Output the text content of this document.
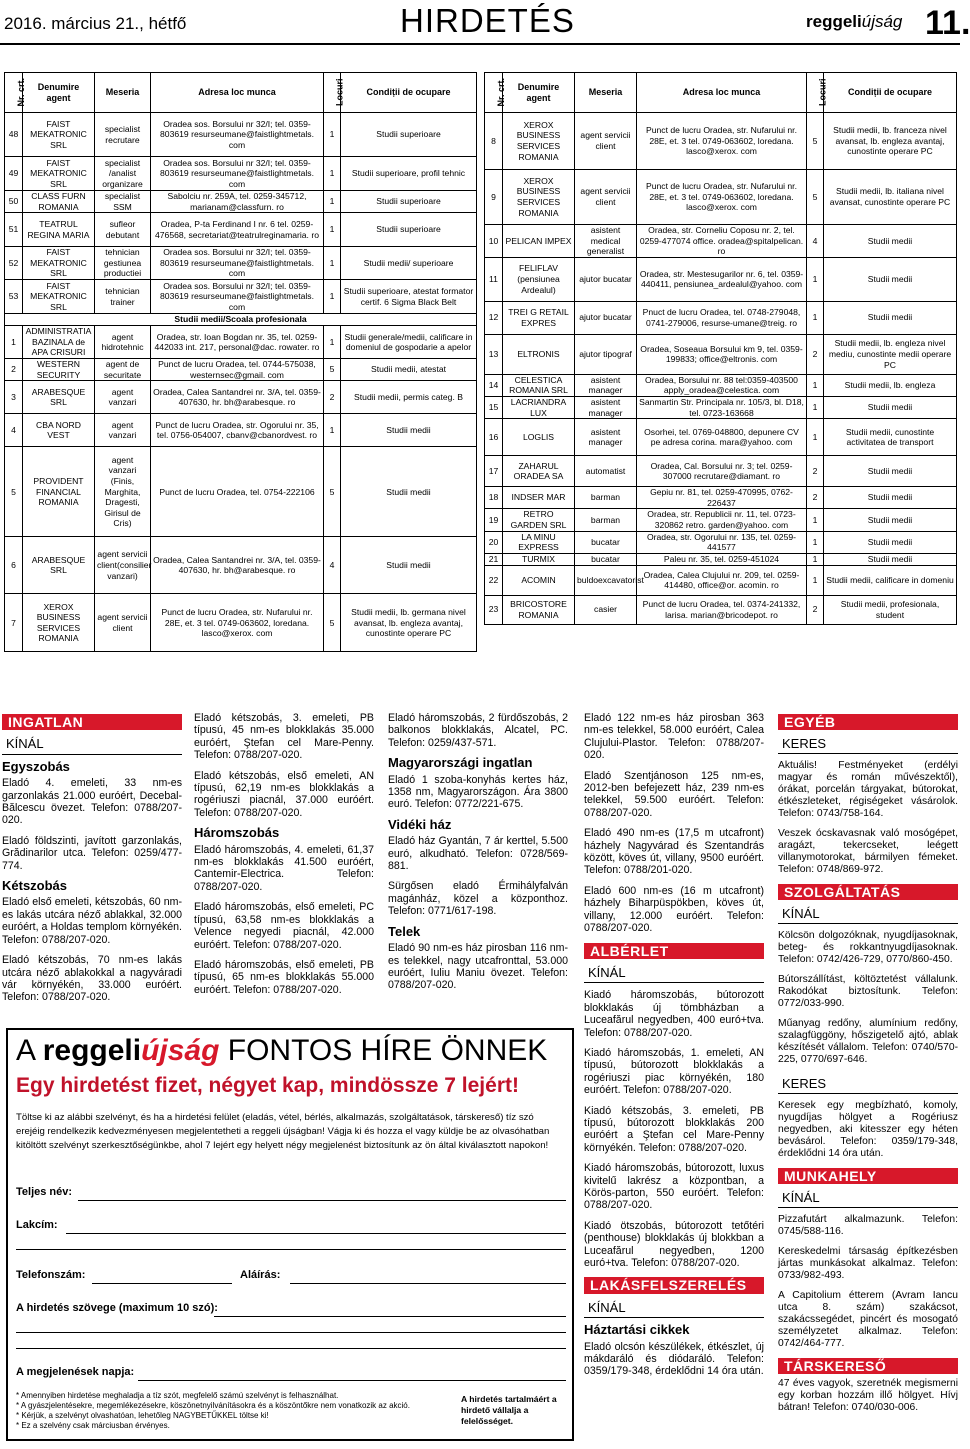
2016. március 21., hétfő	HIRDETÉS	reggeliújság 11.
Nr. crt.	Denumire agent	Meseria	Adresa loc munca	Locuri	Condiții de ocupare
48	FAIST MEKATRONIC SRL	specialist recrutare	Oradea sos. Borsului nr 32/I; tel. 0359-803619 resurseumane@faistlightmetals. com	1	Studii superioare
49	FAIST MEKATRONIC SRL	specialist /analist organizare	Oradea sos. Borsului nr 32/I; tel. 0359-803619 resurseumane@faistlightmetals. com	1	Studii superioare, profil tehnic
50	CLASS FURN ROMANIA	specialist SSM	Sabolciu nr. 259A, tel. 0259-345712, marianam@classfurn. ro	1	Studii superioare
51	TEATRUL REGINA MARIA	sufleor debutant	Oradea, P-ta Ferdinand I nr. 6 tel. 0259-476568, secretariat@teatrulreginamaria. ro	1	Studii superioare
52	FAIST MEKATRONIC SRL	tehnician gestiunea productiei	Oradea sos. Borsului nr 32/I; tel. 0359-803619 resurseumane@faistlightmetals. com	1	Studii medii/ superioare
53	FAIST MEKATRONIC SRL	tehnician trainer	Oradea sos. Borsului nr 32/I; tel. 0359-803619 resurseumane@faistlightmetals. com	1	Studii superioare, atestat formator certif. 6 Sigma Black Belt
Studii medii/Scoala profesionala					
1	ADMINISTRATIA BAZINALA de APA CRISURI	agent hidrotehnic	Oradea, str. Ioan Bogdan nr. 35, tel. 0259-442033 int. 217, personal@dac. rowater. ro	1	Studii generale/medii, calificare in domeniul de gospodarie a apelor
2	WESTERN SECURITY	agent de securitate	Punct de lucru Oradea, tel. 0744-575038, westernsec@gmail. com	5	Studii medii, atestat
3	ARABESQUE SRL	agent vanzari	Oradea, Calea Santandrei nr. 3/A, tel. 0359-407630, hr. bh@arabesque. ro	2	Studii medii, permis categ. B
4	CBA NORD VEST	agent vanzari	Punct de lucru Oradea, str. Ogorului nr. 35, tel. 0756-054007, cbanv@cbanordvest. ro	1	Studii medii
5	PROVIDENT FINANCIAL ROMANIA	agent vanzari (Finis, Marghita, Dragesti, Girisul de Cris)	Punct de lucru Oradea, tel. 0754-222106	5	Studii medii
6	ARABESQUE SRL	agent servicii client(consilier vanzari)	Oradea, Calea Santandrei nr. 3/A, tel. 0359-407630, hr. bh@arabesque. ro	4	Studii medii
7	XEROX BUSINESS SERVICES ROMANIA	agent servicii client	Punct de lucru Oradea, str. Nufarului nr. 28E, et. 3 tel. 0749-063602, loredana. lasco@xerox. com	5	Studii medii, lb. germana nivel avansat, lb. engleza avantaj, cunostinte operare PC
Nr. crt.	Denumire agent	Meseria	Adresa loc munca	Locuri	Condiții de ocupare
8	XEROX BUSINESS SERVICES ROMANIA	agent servicii client	Punct de lucru Oradea, str. Nufarului nr. 28E, et. 3 tel. 0749-063602, loredana. lasco@xerox. com	5	Studii medii, lb. franceza nivel avansat, lb. engleza avantaj, cunostinte operare PC
9	XEROX BUSINESS SERVICES ROMANIA	agent servicii client	Punct de lucru Oradea, str. Nufarului nr. 28E, et. 3 tel. 0749-063602, loredana. lasco@xerox. com	5	Studii medii, lb. italiana nivel avansat, cunostinte operare PC
10	PELICAN IMPEX	asistent medical generalist	Oradea, str. Corneliu Coposu nr. 2, tel. 0259-477074 office. oradea@spitalpelican. ro	4	Studii medii
11	FELIFLAV (pensiunea Ardealul)	ajutor bucatar	Oradea, str. Mestesugarilor nr. 6, tel. 0359-440411, pensiunea_ardealul@yahoo. com	1	Studii medii
12	TREI G RETAIL EXPRES	ajutor bucatar	Pnuct de lucru Oradea, tel. 0748-279048, 0741-279006, resurse-umane@treig. ro	1	Studii medii
13	ELTRONIS	ajutor tipograf	Oradea, Soseaua Borsului km 9, tel. 0359-199833; office@eltronis. com	2	Studii medii, lb. engleza nivel mediu, cunostinte medii operare PC
14	CELESTICA ROMANIA SRL	asistent manager	Oradea, Borsului nr. 88 tel:0359-403500 apply_oradea@celestica. com	1	Studii medii, lb. engleza
15	LACRIANDRA LUX	asistent manager	Sanmartin Str. Principala nr. 105/3, bl. D18, tel. 0723-163668	1	Studii medii
16	LOGLIS	asistent manager	Osorhei, tel. 0769-048800, depunere CV pe adresa corina. mara@yahoo. com	1	Studii medii, cunostinte activitatea de transport
17	ZAHARUL ORADEA SA	automatist	Oradea, Cal. Borsului nr. 3; tel. 0259-307000 recrutare@diamant. ro	2	Studii medii
18	INDSER MAR	barman	Gepiu nr. 81, tel. 0259-470995, 0762-226437	2	Studii medii
19	RETRO GARDEN SRL	barman	Oradea, str. Republicii nr. 11, tel. 0723-320862 retro. garden@yahoo. com	1	Studii medii
20	LA MINU EXPRESS	bucatar	Oradea, str. Ogorului nr. 135, tel. 0259-441577	1	Studii medii
21	TURMIX	bucatar	Paleu nr. 35, tel. 0259-451024	1	Studii medii
22	ACOMIN	buldoexcavatorist	Oradea, Calea Clujului nr. 209, tel. 0259-414480, office@or. acomin. ro	1	Studii medii, calificare in domeniu
23	BRICOSTORE ROMANIA	casier	Punct de lucru Oradea, tel. 0374-241332, larisa. marian@bricodepot. ro	2	Studii medii, profesionala, student
INGATLAN
KÍNÁL
Egyszobás

Eladó 4. emeleti, 33 nm-es garzonlakás 21.000 euróért, Decebal-Bălcescu övezet. Telefon: 0788/207-020.

Eladó földszinti, javított garzonlakás, Grădinarilor utca. Telefon: 0259/477-774.

Kétszobás

Eladó első emeleti, kétszobás, 60 nm-es lakás utcára néző ablakkal, 32.000 euróért, a Holdas templom környékén. Telefon: 0788/207-020.

Eladó kétszobás, 70 nm-es lakás utcára néző ablakokkal a nagyváradi vár környékén, 33.000 euróért. Telefon: 0788/207-020.

Eladó kétszobás, 3. emeleti, PB típusú, 45 nm-es blokklakás 35.000 euróért, Ştefan cel Mare-Penny. Telefon: 0788/207-020.

Eladó kétszobás, első emeleti, AN típusú, 62,19 nm-es blokklakás a rogériuszi piacnál, 37.000 euróért. Telefon: 0788/207-020.

Háromszobás

Eladó háromszobás, 4. emeleti, 61,37 nm-es blokklakás 41.500 euróért, Cantemir-Electrica. Telefon: 0788/207-020.

Eladó háromszobás, első emeleti, PC típusú, 63,58 nm-es blokklakás a Velence negyedi piacnál, 42.000 euróért. Telefon: 0788/207-020.

Eladó háromszobás, első emeleti, PB típusú, 65 nm-es blokklakás 55.000 euróért. Telefon: 0788/207-020.

Eladó háromszobás, 2 fürdőszobás, 2 balkonos blokklakás, Alcatel, PC. Telefon: 0259/437-571.

Magyarországi ingatlan

Eladó 1 szoba-konyhás kertes ház, 1358 nm, Magyarországon. Ára 3800 euró. Telefon: 0772/221-675.

Vidéki ház

Eladó ház Gyantán, 7 ár kerttel, 5.500 euró, alkudható. Telefon: 0728/569-881.

Sürgősen eladó Érmihályfalván magánház, közel a központhoz. Telefon: 0771/617-198.

Telek

Eladó 90 nm-es ház pirosban 116 nm-es telekkel, nagy utcafronttal, 53.000 euróért, Iuliu Maniu övezet. Telefon: 0788/207-020.

Eladó 122 nm-es ház pirosban 363 nm-es telekkel, 58.000 euróért, Calea Clujului-Plastor. Telefon: 0788/207-020.

Eladó Szentjánoson 125 nm-es, 2012-ben befejezett ház, 239 nm-es telekkel, 59.500 euróért. Telefon: 0788/207-020.

Eladó 490 nm-es (17,5 m utcafront) házhely Nagyvárad és Szentandrás között, köves út, villany, 9500 euróért. Telefon: 0788/201-020.

Eladó 600 nm-es (16 m utcafront) házhely Biharpüspökben, köves út, villany, 12.000 euróért. Telefon: 0788/207-020.

ALBÉRLET
KÍNÁL

Kiadó háromszobás, bútorozott blokklakás új tömbházban a Luceafărul negyedben, 400 euró+tva. Telefon: 0788/207-020.

Kiadó háromszobás, 1. emeleti, AN típusú, bútorozott blokklakás a rogériuszi piac környékén, 180 euróért. Telefon: 0788/207-020.

Kiadó kétszobás, 3. emeleti, PB típusú, bútorozott blokklakás 200 euróért a Ştefan cel Mare-Penny környékén. Telefon: 0788/207-020.

Kiadó háromszobás, bútorozott, luxus kivitelű lakrész a központban, a Körös-parton, 550 euróért. Telefon: 0788/207-020.

Kiadó ötszobás, bútorozott tetőtéri (penthouse) blokklakás új blokkban a Luceafărul negyedben, 1200 euró+tva. Telefon: 0788/207-020.

LAKÁSFELSZERELÉS
KÍNÁL
Háztartási cikkek

Eladó olcsón készülékek, étkészlet, új mákdaráló és diódaráló. Telefon: 0359/179-348, érdeklődni 14 óra után.

EGYÉB
KERES

Aktuális! Festményeket (erdélyi magyar és román művészektől), órákat, porcelán tárgyakat, bútorokat, étkészleteket, régiségeket vásárolok. Telefon: 0743/758-164.

Veszek ócskavasnak való mosógépet, aragázt, tekercseket, leégett villanymotorokat, bármilyen fémeket. Telefon: 0748/869-972.

SZOLGÁLTATÁS
KÍNÁL

Kölcsön dolgozóknak, nyugdíjasoknak, beteg- és rokkantnyugdíjasoknak. Telefon: 0742/426-729, 0770/860-450.

Bútorszállítást, költöztetést vállalunk. Rakodókat biztosítunk. Telefon: 0772/033-990.

Műanyag redőny, alumínium redőny, szalagfüggöny, hőszigetelő ajtó, ablak készítését vállalom. Telefon: 0740/570-225, 0770/697-646.

KERES

Keresek egy megbízható, komoly, nyugdíjas hölgyet a Rogériusz negyedben, aki kitesszer egy héten bevásárol. Telefon: 0359/179-348, érdeklődni 14 óra után.

MUNKAHELY
KÍNÁL

Pizzafutárt alkalmazunk. Telefon: 0745/588-116.

Kereskedelmi társaság építkezésben jártas munkásokat alkalmaz. Telefon: 0733/982-493.

A Capitolium étterem (Avram Iancu utca 8. szám) szakácsot, szakácssegédet, pincért és mosogató személyzetet alkalmaz. Telefon: 0742/464-777.

TÁRSKERESŐ

47 éves vagyok, szeretnék megismerni egy korban hozzám illő hölgyet. Hívj bátran! Telefon: 0740/030-006.

A reggeliújság FONTOS HÍRE ÖNNEK
Egy hirdetést fizet, négyet kap, mindössze 7 lejért!
Töltse ki az alábbi szelvényt, és ha a hirdetési felület (eladás, vétel, bérlés, alkalmazás, szolgáltatások, társkereső) tíz szó erejéig rendelkezik kedvezményesen megjelentetheti a reggeli újságban! Vágja ki és hozza el vagy küldje be az olvasóhatban kitöltött szelvényt szerkesztőségünkbe, ahol 7 lejért egy helyett négy megjelenést biztosítunk az ön által kiválasztott napokon!
Teljes név:
Lakcím:
Telefonszám:	Aláírás:
A hirdetés szövege (maximum 10 szó):
A megjelenések napja:
* Amennyiben hirdetése meghaladja a tíz szót, megfelelő számú szelvényt is felhasználhat.
* A gyászjelentésekre, megemlékezésekre, köszönetnyilvánításokra és a köszöntőkre nem vonatkozik az akció.
* Kérjük, a szelvényt olvashatóan, lehetőleg NAGYBETŰKKEL töltse ki!
* Ez a szelvény csak márciusban érvényes.
A hirdetés tartalmáért a hirdető vállalja a felelősséget.
